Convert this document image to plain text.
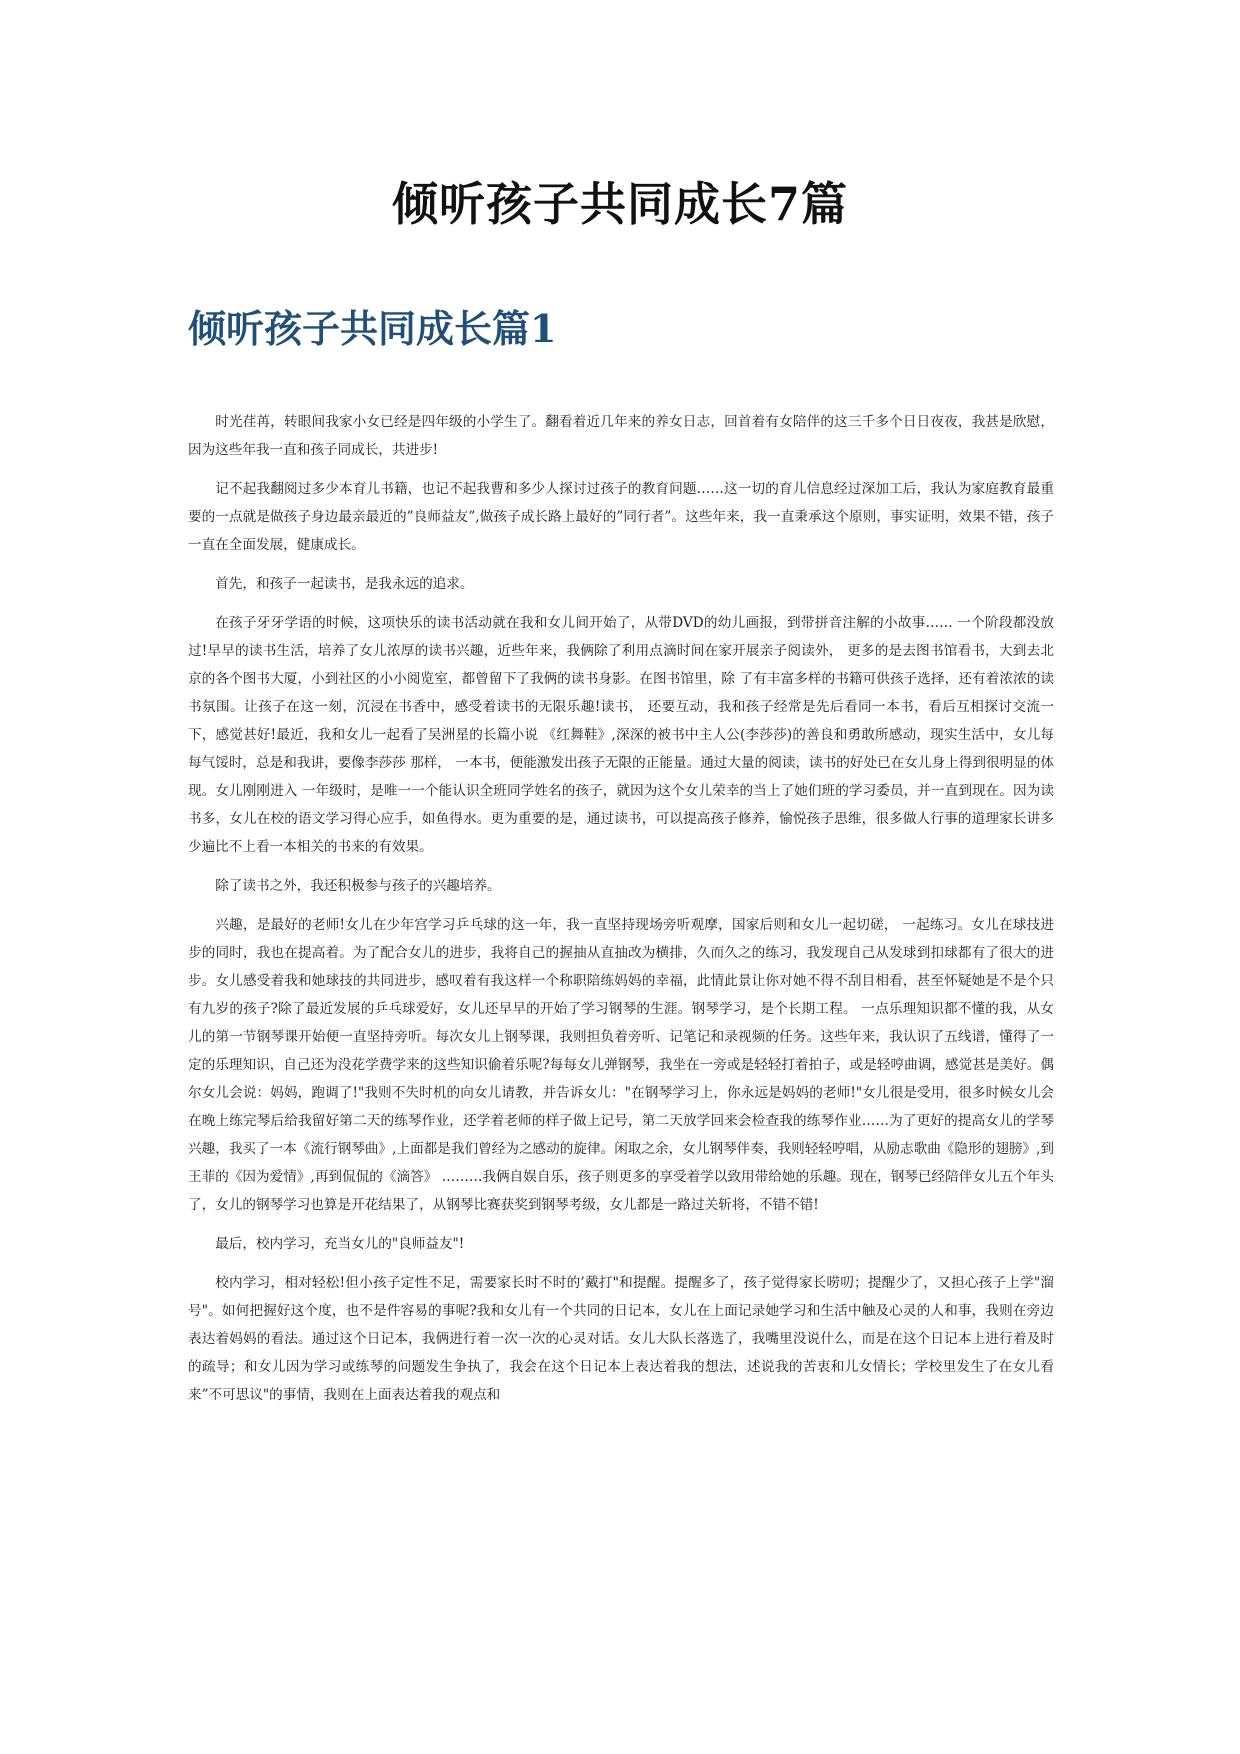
倾听孩子共同成长7篇
倾听孩子共同成长篇1

时光荏苒，转眼间我家小女已经是四年级的小学生了。翻看着近几年来的养女日志，回首着有女陪伴的这三千多个日日夜夜，我甚是欣慰，因为这些年我一直和孩子同成长，共进步!

记不起我翻阅过多少本育儿书籍，也记不起我曹和多少人探讨过孩子的教育问题……这一切的育儿信息经过深加工后，我认为家庭教育最重要的一点就是做孩子身边最亲最近的”良师益友”,做孩子成长路上最好的”同行者”。这些年来，我一直秉承这个原则，事实证明，效果不错，孩子一直在全面发展，健康成长。

首先，和孩子一起读书，是我永远的追求。

在孩子牙牙学语的时候，这项快乐的读书活动就在我和女儿间开始了，从带DVD的幼儿画报，到带拼音注解的小故事…… 一个阶段都没放过!早早的读书生活，培养了女儿浓厚的读书兴趣，近些年来，我俩除了利用点滴时间在家开展亲子阅读外， 更多的是去图书馆看书，大到去北京的各个图书大厦，小到社区的小小阅览室，都曾留下了我俩的读书身影。在图书馆里，除 了有丰富多样的书籍可供孩子选择，还有着浓浓的读书氛围。让孩子在这一刻，沉浸在书香中，感受着读书的无限乐趣!读书， 还要互动，我和孩子经常是先后看同一本书，看后互相探讨交流一下，感觉甚好!最近，我和女儿一起看了吴洲星的长篇小说 《红舞鞋》,深深的被书中主人公(李莎莎)的善良和勇敢所感动，现实生活中，女儿每每气馁时，总是和我讲，要像李莎莎 那样， 一本书，便能激发出孩子无限的正能量。通过大量的阅读，读书的好处已在女儿身上得到很明显的体现。女儿刚刚进入 一年级时，是唯一一个能认识全班同学姓名的孩子，就因为这个女儿荣幸的当上了她们班的学习委员，并一直到现在。因为读 书多，女儿在校的语文学习得心应手，如鱼得水。更为重要的是，通过读书，可以提高孩子修养，愉悦孩子思维，很多做人行事的道理家长讲多少遍比不上看一本相关的书来的有效果。

除了读书之外，我还积极参与孩子的兴趣培养。

兴趣，是最好的老师!女儿在少年宫学习乒乓球的这一年，我一直坚持现场旁听观摩，国家后则和女儿一起切磋， 一起练习。女儿在球技进步的同时，我也在提高着。为了配合女儿的进步，我将自己的握抽从直抽改为横排，久而久之的练习，我发现自己从发球到扣球都有了很大的进步。女儿感受着我和她球技的共同进步，感叹着有我这样一个称职陪练妈妈的幸福，此情此景让你对她不得不刮目相看，甚至怀疑她是不是个只有九岁的孩子?除了最近发展的乒乓球爱好，女儿还早早的开始了学习钢琴的生涯。钢琴学习，是个长期工程。 一点乐理知识都不懂的我，从女儿的第一节钢琴课开始便一直坚持旁听。每次女儿上钢琴课，我则担负着旁听、记笔记和录视频的任务。这些年来，我认识了五线谱，懂得了一定的乐理知识，自己还为没花学费学来的这些知识偷着乐呢?每每女儿弹钢琴，我坐在一旁或是轻轻打着拍子，或是轻哼曲调，感觉甚是美好。偶尔女儿会说：妈妈，跑调了!"我则不失时机的向女儿请教，并告诉女儿："在钢琴学习上，你永远是妈妈的老师!"女儿很是受用，很多时候女儿会在晚上练完琴后给我留好第二天的练琴作业，还学着老师的样子做上记号，第二天放学回来会检查我的练琴作业……为了更好的提高女儿的学琴兴趣，我买了一本《流行钢琴曲》,上面都是我们曾经为之感动的旋律。闲取之余，女儿钢琴伴奏，我则轻轻哼唱，从励志歌曲《隐形的翅膀》,到王菲的《因为爱情》,再到侃侃的《滴答》 ………我俩自娱自乐，孩子则更多的享受着学以致用带给她的乐趣。现在，钢琴已经陪伴女儿五个年头了，女儿的钢琴学习也算是开花结果了，从钢琴比赛获奖到钢琴考级，女儿都是一路过关斩将，不错不错!

最后，校内学习，充当女儿的"良师益友"!

校内学习，相对轻松!但小孩子定性不足，需要家长时不时的’戴打"和提醒。提醒多了，孩子觉得家长唠叨；提醒少了，又担心孩子上学"溜号"。如何把握好这个度，也不是件容易的事呢?我和女儿有一个共同的日记本，女儿在上面记录她学习和生活中触及心灵的人和事，我则在旁边表达着妈妈的看法。通过这个日记本，我俩进行着一次一次的心灵对话。女儿大队长落选了，我嘴里没说什么，而是在这个日记本上进行着及时的疏导；和女儿因为学习或练琴的问题发生争执了，我会在这个日记本上表达着我的想法，述说我的苦衷和儿女情长；学校里发生了在女儿看来”不可思议"的事情，我则在上面表达着我的观点和
